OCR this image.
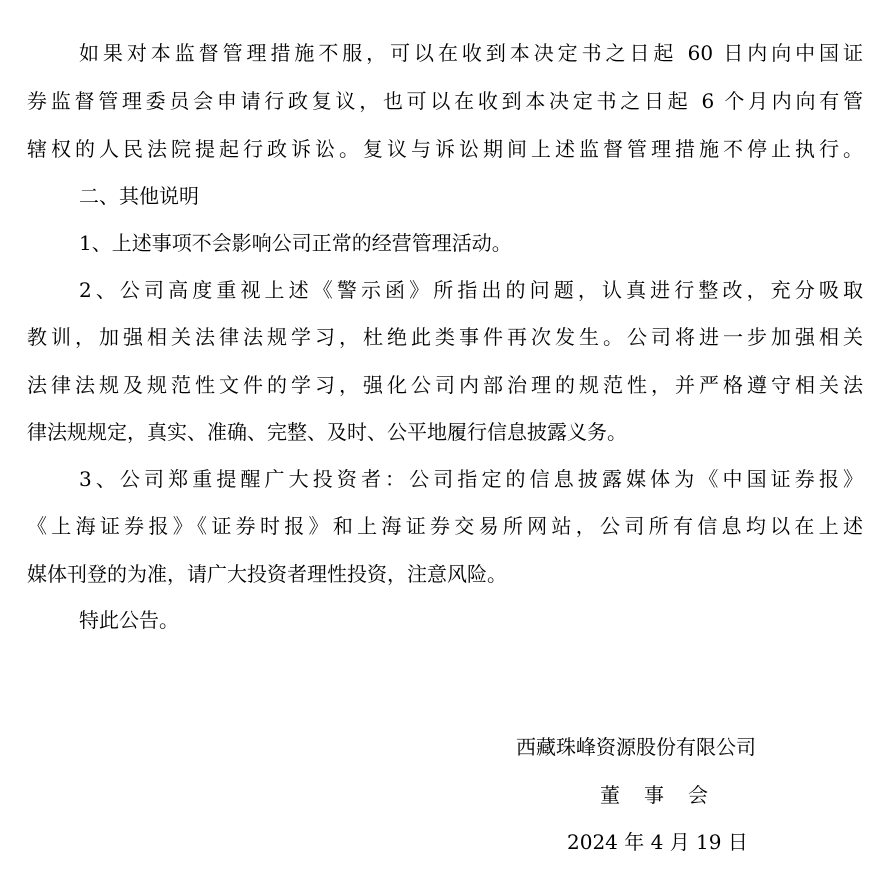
如果对本监督管理措施不服，可以在收到本决定书之日起 60 日内向中国证
券监督管理委员会申请行政复议，也可以在收到本决定书之日起 6 个月内向有管
辖权的人民法院提起行政诉讼。复议与诉讼期间上述监督管理措施不停止执行。
二、其他说明
1、上述事项不会影响公司正常的经营管理活动。
2、公司高度重视上述《警示函》所指出的问题，认真进行整改，充分吸取
教训，加强相关法律法规学习，杜绝此类事件再次发生。公司将进一步加强相关
法律法规及规范性文件的学习，强化公司内部治理的规范性，并严格遵守相关法
律法规规定，真实、准确、完整、及时、公平地履行信息披露义务。
3、公司郑重提醒广大投资者：公司指定的信息披露媒体为《中国证券报》
《上海证券报》《证券时报》和上海证券交易所网站，公司所有信息均以在上述
媒体刊登的为准，请广大投资者理性投资，注意风险。
特此公告。
西藏珠峰资源股份有限公司
董　事　会
2024 年 4 月 19 日
